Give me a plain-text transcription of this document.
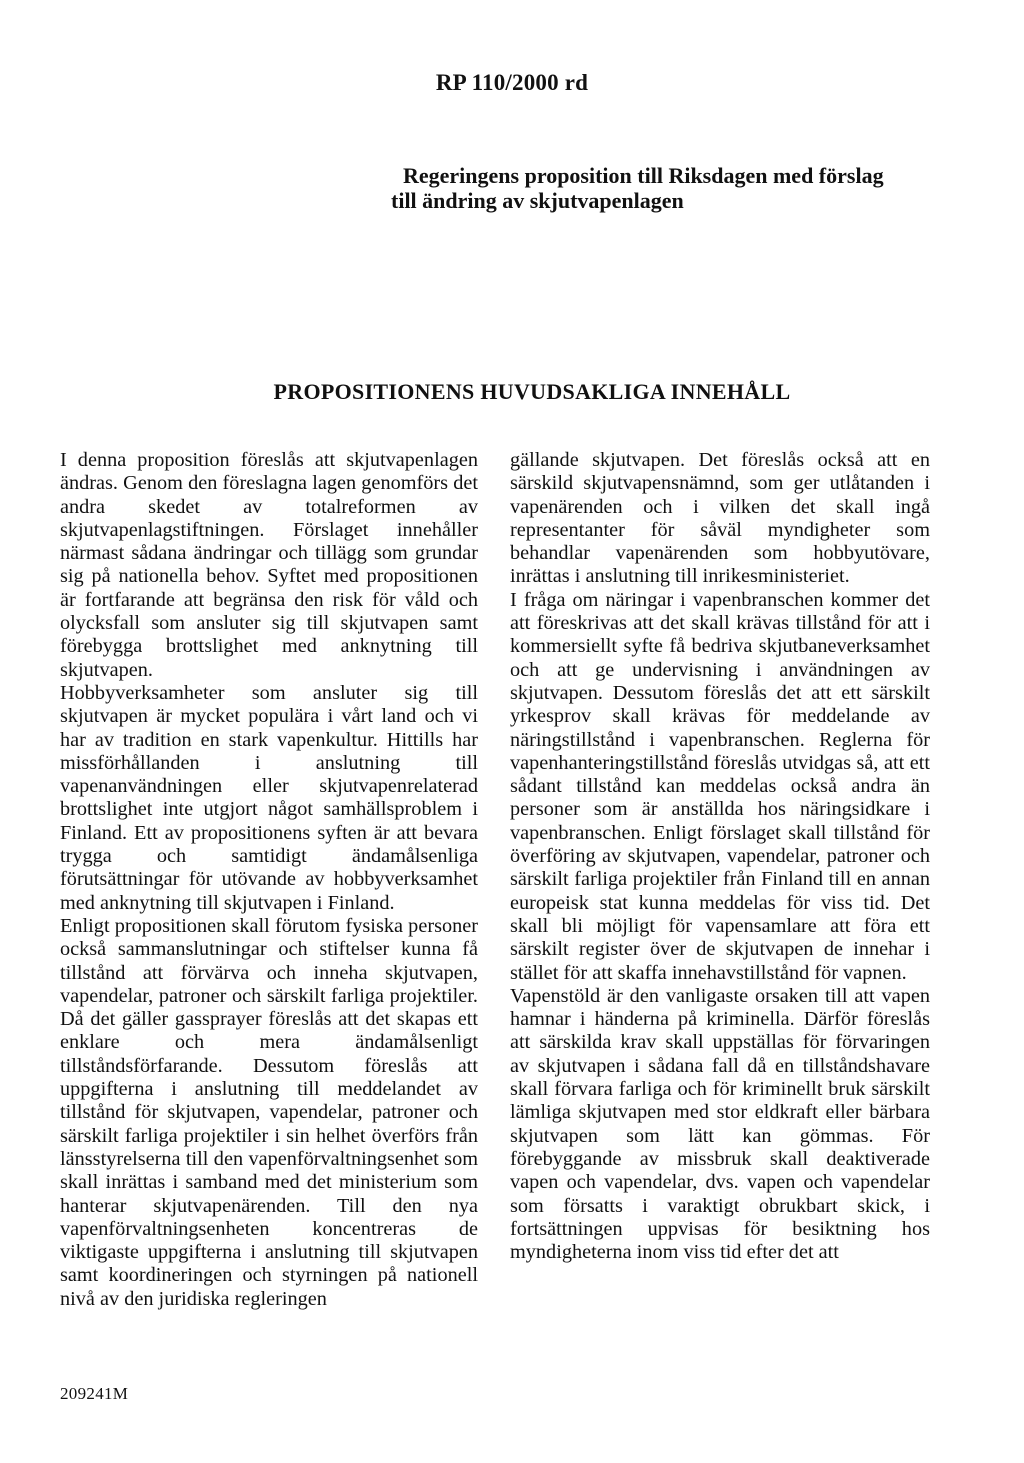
RP 110/2000 rd
Regeringens proposition till Riksdagen med förslag
till ändring av skjutvapenlagen
PROPOSITIONENS HUVUDSAKLIGA INNEHÅLL

I denna proposition föreslås att skjutvapenlagen ändras. Genom den föreslagna lagen genomförs det andra skedet av totalreformen av skjutvapenlagstiftningen. Förslaget innehåller närmast sådana ändringar och tillägg som grundar sig på nationella behov. Syftet med propositionen är fortfarande att begränsa den risk för våld och olycksfall som ansluter sig till skjutvapen samt förebygga brottslighet med anknytning till skjutvapen.

Hobbyverksamheter som ansluter sig till skjutvapen är mycket populära i vårt land och vi har av tradition en stark vapenkultur. Hittills har missförhållanden i anslutning till vapenanvändningen eller skjutvapenrelaterad brottslighet inte utgjort något samhällsproblem i Finland. Ett av propositionens syften är att bevara trygga och samtidigt ändamålsenliga förutsättningar för utövande av hobbyverksamhet med anknytning till skjutvapen i Finland.

Enligt propositionen skall förutom fysiska personer också sammanslutningar och stiftelser kunna få tillstånd att förvärva och inneha skjutvapen, vapendelar, patroner och särskilt farliga projektiler. Då det gäller gassprayer föreslås att det skapas ett enklare och mera ändamålsenligt tillståndsförfarande. Dessutom föreslås att uppgifterna i anslutning till meddelandet av tillstånd för skjutvapen, vapendelar, patroner och särskilt farliga projektiler i sin helhet överförs från länsstyrelserna till den vapenförvaltningsenhet som skall inrättas i samband med det ministerium som hanterar skjutvapenärenden. Till den nya vapenförvaltningsenheten koncentreras de viktigaste uppgifterna i anslutning till skjutvapen samt koordineringen och styrningen på nationell nivå av den juridiska regleringen

gällande skjutvapen. Det föreslås också att en särskild skjutvapensnämnd, som ger utlåtanden i vapenärenden och i vilken det skall ingå representanter för såväl myndigheter som behandlar vapenärenden som hobbyutövare, inrättas i anslutning till inrikesministeriet.

I fråga om näringar i vapenbranschen kommer det att föreskrivas att det skall krävas tillstånd för att i kommersiellt syfte få bedriva skjutbaneverksamhet och att ge undervisning i användningen av skjutvapen. Dessutom föreslås det att ett särskilt yrkesprov skall krävas för meddelande av näringstillstånd i vapenbranschen. Reglerna för vapenhanteringstillstånd föreslås utvidgas så, att ett sådant tillstånd kan meddelas också andra än personer som är anställda hos näringsidkare i vapenbranschen. Enligt förslaget skall tillstånd för överföring av skjutvapen, vapendelar, patroner och särskilt farliga projektiler från Finland till en annan europeisk stat kunna meddelas för viss tid. Det skall bli möjligt för vapensamlare att föra ett särskilt register över de skjutvapen de innehar i stället för att skaffa innehavstillstånd för vapnen.

Vapenstöld är den vanligaste orsaken till att vapen hamnar i händerna på kriminella. Därför föreslås att särskilda krav skall uppställas för förvaringen av skjutvapen i sådana fall då en tillståndshavare skall förvara farliga och för kriminellt bruk särskilt lämliga skjutvapen med stor eldkraft eller bärbara skjutvapen som lätt kan gömmas. För förebyggande av missbruk skall deaktiverade vapen och vapendelar, dvs. vapen och vapendelar som försatts i varaktigt obrukbart skick, i fortsättningen uppvisas för besiktning hos myndigheterna inom viss tid efter det att

209241M
